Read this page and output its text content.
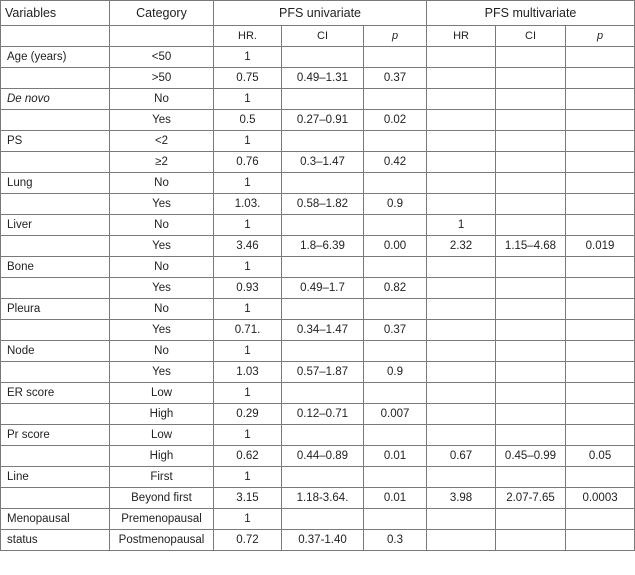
Variables	Category	PFS univariate			PFS multivariate		
		HR.	CI	p	HR	CI	p
Age (years)	<50	1					
	>50	0.75	0.49–1.31	0.37			
De novo	No	1					
	Yes	0.5	0.27–0.91	0.02			
PS	<2	1					
	≥2	0.76	0.3–1.47	0.42			
Lung	No	1					
	Yes	1.03.	0.58–1.82	0.9			
Liver	No	1			1		
	Yes	3.46	1.8–6.39	0.00	2.32	1.15–4.68	0.019
Bone	No	1					
	Yes	0.93	0.49–1.7	0.82			
Pleura	No	1					
	Yes	0.71.	0.34–1.47	0.37			
Node	No	1					
	Yes	1.03	0.57–1.87	0.9			
ER score	Low	1					
	High	0.29	0.12–0.71	0.007			
Pr score	Low	1					
	High	0.62	0.44–0.89	0.01	0.67	0.45–0.99	0.05
Line	First	1					
	Beyond first	3.15	1.18-3.64.	0.01	3.98	2.07-7.65	0.0003
Menopausal	Premenopausal	1					
status	Postmenopausal	0.72	0.37-1.40	0.3			
